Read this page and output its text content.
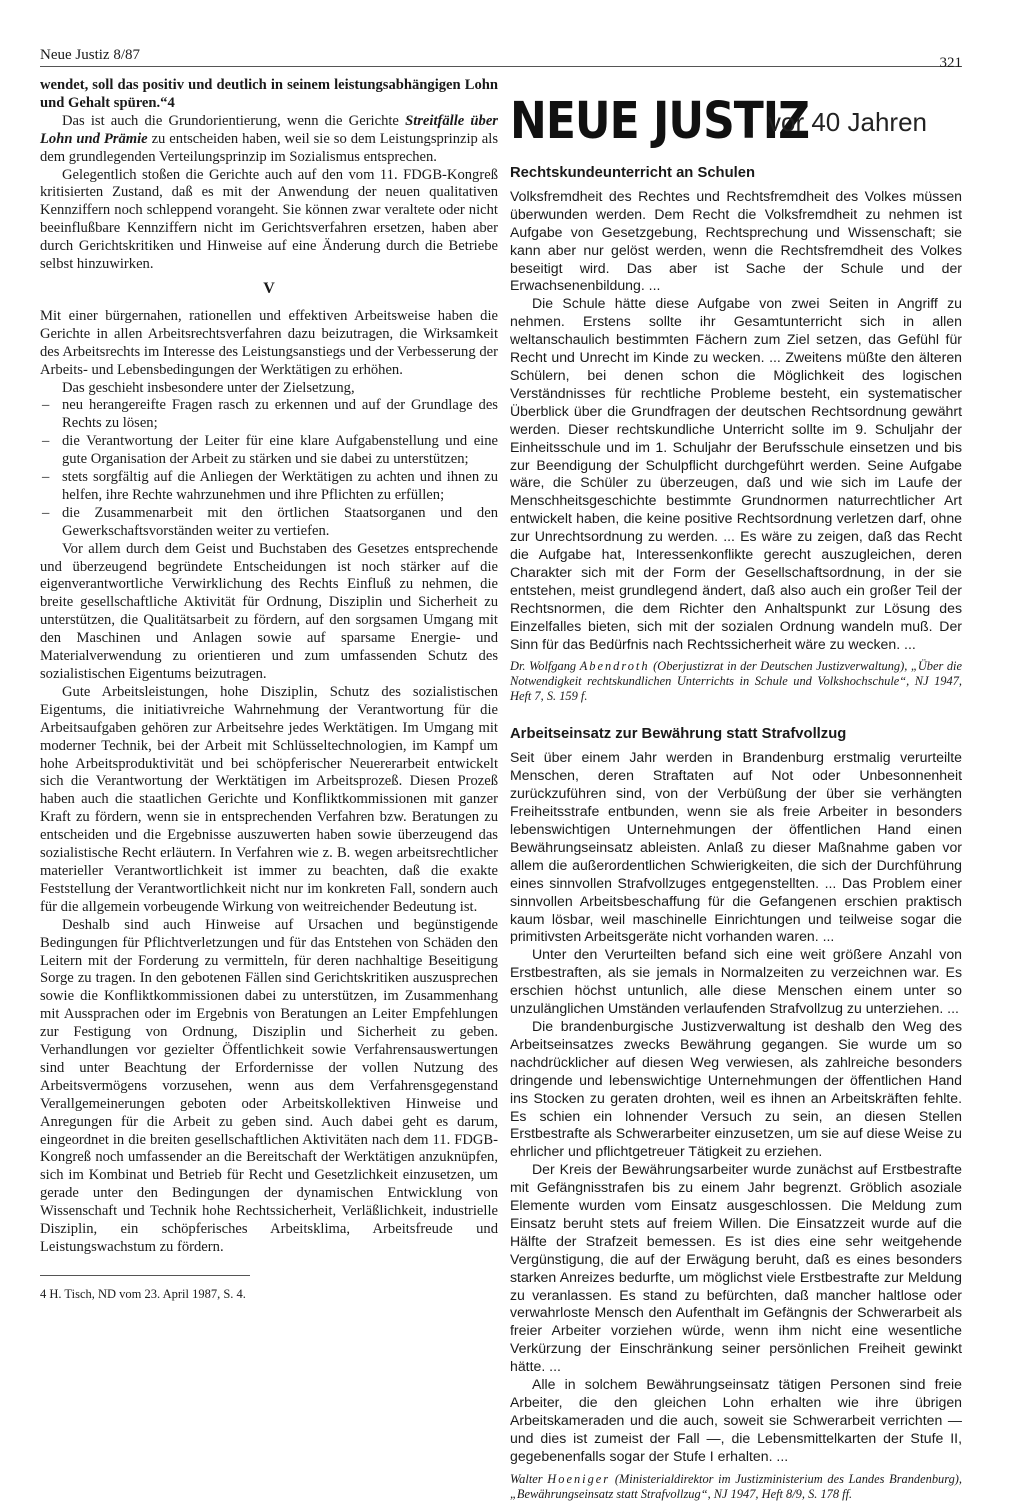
Neue Justiz 8/87	321

wendet, soll das positiv und deutlich in seinem leistungsabhängigen Lohn und Gehalt spüren.“4

Das ist auch die Grundorientierung, wenn die Gerichte Streitfälle über Lohn und Prämie zu entscheiden haben, weil sie so dem Leistungsprinzip als dem grundlegenden Verteilungsprinzip im Sozialismus entsprechen.

Gelegentlich stoßen die Gerichte auch auf den vom 11. FDGB-Kongreß kritisierten Zustand, daß es mit der Anwendung der neuen qualitativen Kennziffern noch schleppend vorangeht. Sie können zwar veraltete oder nicht beeinflußbare Kennziffern nicht im Gerichtsverfahren ersetzen, haben aber durch Gerichtskritiken und Hinweise auf eine Änderung durch die Betriebe selbst hinzuwirken.

V

Mit einer bürgernahen, rationellen und effektiven Arbeitsweise haben die Gerichte in allen Arbeitsrechtsverfahren dazu beizutragen, die Wirksamkeit des Arbeitsrechts im Interesse des Leistungsanstiegs und der Verbesserung der Arbeits- und Lebensbedingungen der Werktätigen zu erhöhen.

Das geschieht insbesondere unter der Zielsetzung,

– neu herangereifte Fragen rasch zu erkennen und auf der Grundlage des Rechts zu lösen;
– die Verantwortung der Leiter für eine klare Aufgabenstellung und eine gute Organisation der Arbeit zu stärken und sie dabei zu unterstützen;
– stets sorgfältig auf die Anliegen der Werktätigen zu achten und ihnen zu helfen, ihre Rechte wahrzunehmen und ihre Pflichten zu erfüllen;
– die Zusammenarbeit mit den örtlichen Staatsorganen und den Gewerkschaftsvorständen weiter zu vertiefen.

Vor allem durch dem Geist und Buchstaben des Gesetzes entsprechende und überzeugend begründete Entscheidungen ist noch stärker auf die eigenverantwortliche Verwirklichung des Rechts Einfluß zu nehmen, die breite gesellschaftliche Aktivität für Ordnung, Disziplin und Sicherheit zu unterstützen, die Qualitätsarbeit zu fördern, auf den sorgsamen Umgang mit den Maschinen und Anlagen sowie auf sparsame Energie- und Materialverwendung zu orientieren und zum umfassenden Schutz des sozialistischen Eigentums beizutragen.

Gute Arbeitsleistungen, hohe Disziplin, Schutz des sozialistischen Eigentums, die initiativreiche Wahrnehmung der Verantwortung für die Arbeitsaufgaben gehören zur Arbeitsehre jedes Werktätigen. Im Umgang mit moderner Technik, bei der Arbeit mit Schlüsseltechnologien, im Kampf um hohe Arbeitsproduktivität und bei schöpferischer Neuererarbeit entwickelt sich die Verantwortung der Werktätigen im Arbeitsprozeß. Diesen Prozeß haben auch die staatlichen Gerichte und Konfliktkommissionen mit ganzer Kraft zu fördern, wenn sie in entsprechenden Verfahren bzw. Beratungen zu entscheiden und die Ergebnisse auszuwerten haben sowie überzeugend das sozialistische Recht erläutern. In Verfahren wie z. B. wegen arbeitsrechtlicher materieller Verantwortlichkeit ist immer zu beachten, daß die exakte Feststellung der Verantwortlichkeit nicht nur im konkreten Fall, sondern auch für die allgemein vorbeugende Wirkung von weitreichender Bedeutung ist.

Deshalb sind auch Hinweise auf Ursachen und begünstigende Bedingungen für Pflichtverletzungen und für das Entstehen von Schäden den Leitern mit der Forderung zu vermitteln, für deren nachhaltige Beseitigung Sorge zu tragen. In den gebotenen Fällen sind Gerichtskritiken auszusprechen sowie die Konfliktkommissionen dabei zu unterstützen, im Zusammenhang mit Aussprachen oder im Ergebnis von Beratungen an Leiter Empfehlungen zur Festigung von Ordnung, Disziplin und Sicherheit zu geben. Verhandlungen vor gezielter Öffentlichkeit sowie Verfahrensauswertungen sind unter Beachtung der Erfordernisse der vollen Nutzung des Arbeitsvermögens vorzusehen, wenn aus dem Verfahrensgegenstand Verallgemeinerungen geboten oder Arbeitskollektiven Hinweise und Anregungen für die Arbeit zu geben sind. Auch dabei geht es darum, eingeordnet in die breiten gesellschaftlichen Aktivitäten nach dem 11. FDGB-Kongreß noch umfassender an die Bereitschaft der Werktätigen anzuknüpfen, sich im Kombinat und Betrieb für Recht und Gesetzlichkeit einzusetzen, um gerade unter den Bedingungen der dynamischen Entwicklung von Wissenschaft und Technik hohe Rechtssicherheit, Verläßlichkeit, industrielle Disziplin, ein schöpferisches Arbeitsklima, Arbeitsfreude und Leistungswachstum zu fördern.

4 H. Tisch, ND vom 23. April 1987, S. 4.

NEUE JUSTIZ
vor 40 Jahren
Rechtskundeunterricht an Schulen

Volksfremdheit des Rechtes und Rechtsfremdheit des Volkes müssen überwunden werden. Dem Recht die Volksfremdheit zu nehmen ist Aufgabe von Gesetzgebung, Rechtsprechung und Wissenschaft; sie kann aber nur gelöst werden, wenn die Rechtsfremdheit des Volkes beseitigt wird. Das aber ist Sache der Schule und der Erwachsenenbildung. ...

Die Schule hätte diese Aufgabe von zwei Seiten in Angriff zu nehmen. Erstens sollte ihr Gesamtunterricht sich in allen weltanschaulich bestimmten Fächern zum Ziel setzen, das Gefühl für Recht und Unrecht im Kinde zu wecken. ... Zweitens müßte den älteren Schülern, bei denen schon die Möglichkeit des logischen Verständnisses für rechtliche Probleme besteht, ein systematischer Überblick über die Grundfragen der deutschen Rechtsordnung gewährt werden. Dieser rechtskundliche Unterricht sollte im 9. Schuljahr der Einheitsschule und im 1. Schuljahr der Berufsschule einsetzen und bis zur Beendigung der Schulpflicht durchgeführt werden. Seine Aufgabe wäre, die Schüler zu überzeugen, daß und wie sich im Laufe der Menschheitsgeschichte bestimmte Grundnormen naturrechtlicher Art entwickelt haben, die keine positive Rechtsordnung verletzen darf, ohne zur Unrechtsordnung zu werden. ... Es wäre zu zeigen, daß das Recht die Aufgabe hat, Interessenkonflikte gerecht auszugleichen, deren Charakter sich mit der Form der Gesellschaftsordnung, in der sie entstehen, meist grundlegend ändert, daß also auch ein großer Teil der Rechtsnormen, die dem Richter den Anhaltspunkt zur Lösung des Einzelfalles bieten, sich mit der sozialen Ordnung wandeln muß. Der Sinn für das Bedürfnis nach Rechtssicherheit wäre zu wecken. ...

Dr. Wolfgang Abendroth (Oberjustizrat in der Deutschen Justizverwaltung), „Über die Notwendigkeit rechtskundlichen Unterrichts in Schule und Volkshochschule“, NJ 1947, Heft 7, S. 159 f.

Arbeitseinsatz zur Bewährung statt Strafvollzug

Seit über einem Jahr werden in Brandenburg erstmalig verurteilte Menschen, deren Straftaten auf Not oder Unbesonnenheit zurückzuführen sind, von der Verbüßung der über sie verhängten Freiheitsstrafe entbunden, wenn sie als freie Arbeiter in besonders lebenswichtigen Unternehmungen der öffentlichen Hand einen Bewährungseinsatz ableisten. Anlaß zu dieser Maßnahme gaben vor allem die außerordentlichen Schwierigkeiten, die sich der Durchführung eines sinnvollen Strafvollzuges entgegenstellten. ... Das Problem einer sinnvollen Arbeitsbeschaffung für die Gefangenen erschien praktisch kaum lösbar, weil maschinelle Einrichtungen und teilweise sogar die primitivsten Arbeitsgeräte nicht vorhanden waren. ...

Unter den Verurteilten befand sich eine weit größere Anzahl von Erstbestraften, als sie jemals in Normalzeiten zu verzeichnen war. Es erschien höchst untunlich, alle diese Menschen einem unter so unzulänglichen Umständen verlaufenden Strafvollzug zu unterziehen. ...

Die brandenburgische Justizverwaltung ist deshalb den Weg des Arbeitseinsatzes zwecks Bewährung gegangen. Sie wurde um so nachdrücklicher auf diesen Weg verwiesen, als zahlreiche besonders dringende und lebenswichtige Unternehmungen der öffentlichen Hand ins Stocken zu geraten drohten, weil es ihnen an Arbeitskräften fehlte. Es schien ein lohnender Versuch zu sein, an diesen Stellen Erstbestrafte als Schwerarbeiter einzusetzen, um sie auf diese Weise zu ehrlicher und pflichtgetreuer Tätigkeit zu erziehen.

Der Kreis der Bewährungsarbeiter wurde zunächst auf Erstbestrafte mit Gefängnisstrafen bis zu einem Jahr begrenzt. Gröblich asoziale Elemente wurden vom Einsatz ausgeschlossen. Die Meldung zum Einsatz beruht stets auf freiem Willen. Die Einsatzzeit wurde auf die Hälfte der Strafzeit bemessen. Es ist dies eine sehr weitgehende Vergünstigung, die auf der Erwägung beruht, daß es eines besonders starken Anreizes bedurfte, um möglichst viele Erstbestrafte zur Meldung zu veranlassen. Es stand zu befürchten, daß mancher haltlose oder verwahrloste Mensch den Aufenthalt im Gefängnis der Schwerarbeit als freier Arbeiter vorziehen würde, wenn ihm nicht eine wesentliche Verkürzung der Einschränkung seiner persönlichen Freiheit gewinkt hätte. ...

Alle in solchem Bewährungseinsatz tätigen Personen sind freie Arbeiter, die den gleichen Lohn erhalten wie ihre übrigen Arbeitskameraden und die auch, soweit sie Schwerarbeit verrichten — und dies ist zumeist der Fall —, die Lebensmittelkarten der Stufe II, gegebenenfalls sogar der Stufe I erhalten. ...

Walter Hoeniger (Ministerialdirektor im Justizministerium des Landes Brandenburg), „Bewährungseinsatz statt Strafvollzug“, NJ 1947, Heft 8/9, S. 178 ff.
